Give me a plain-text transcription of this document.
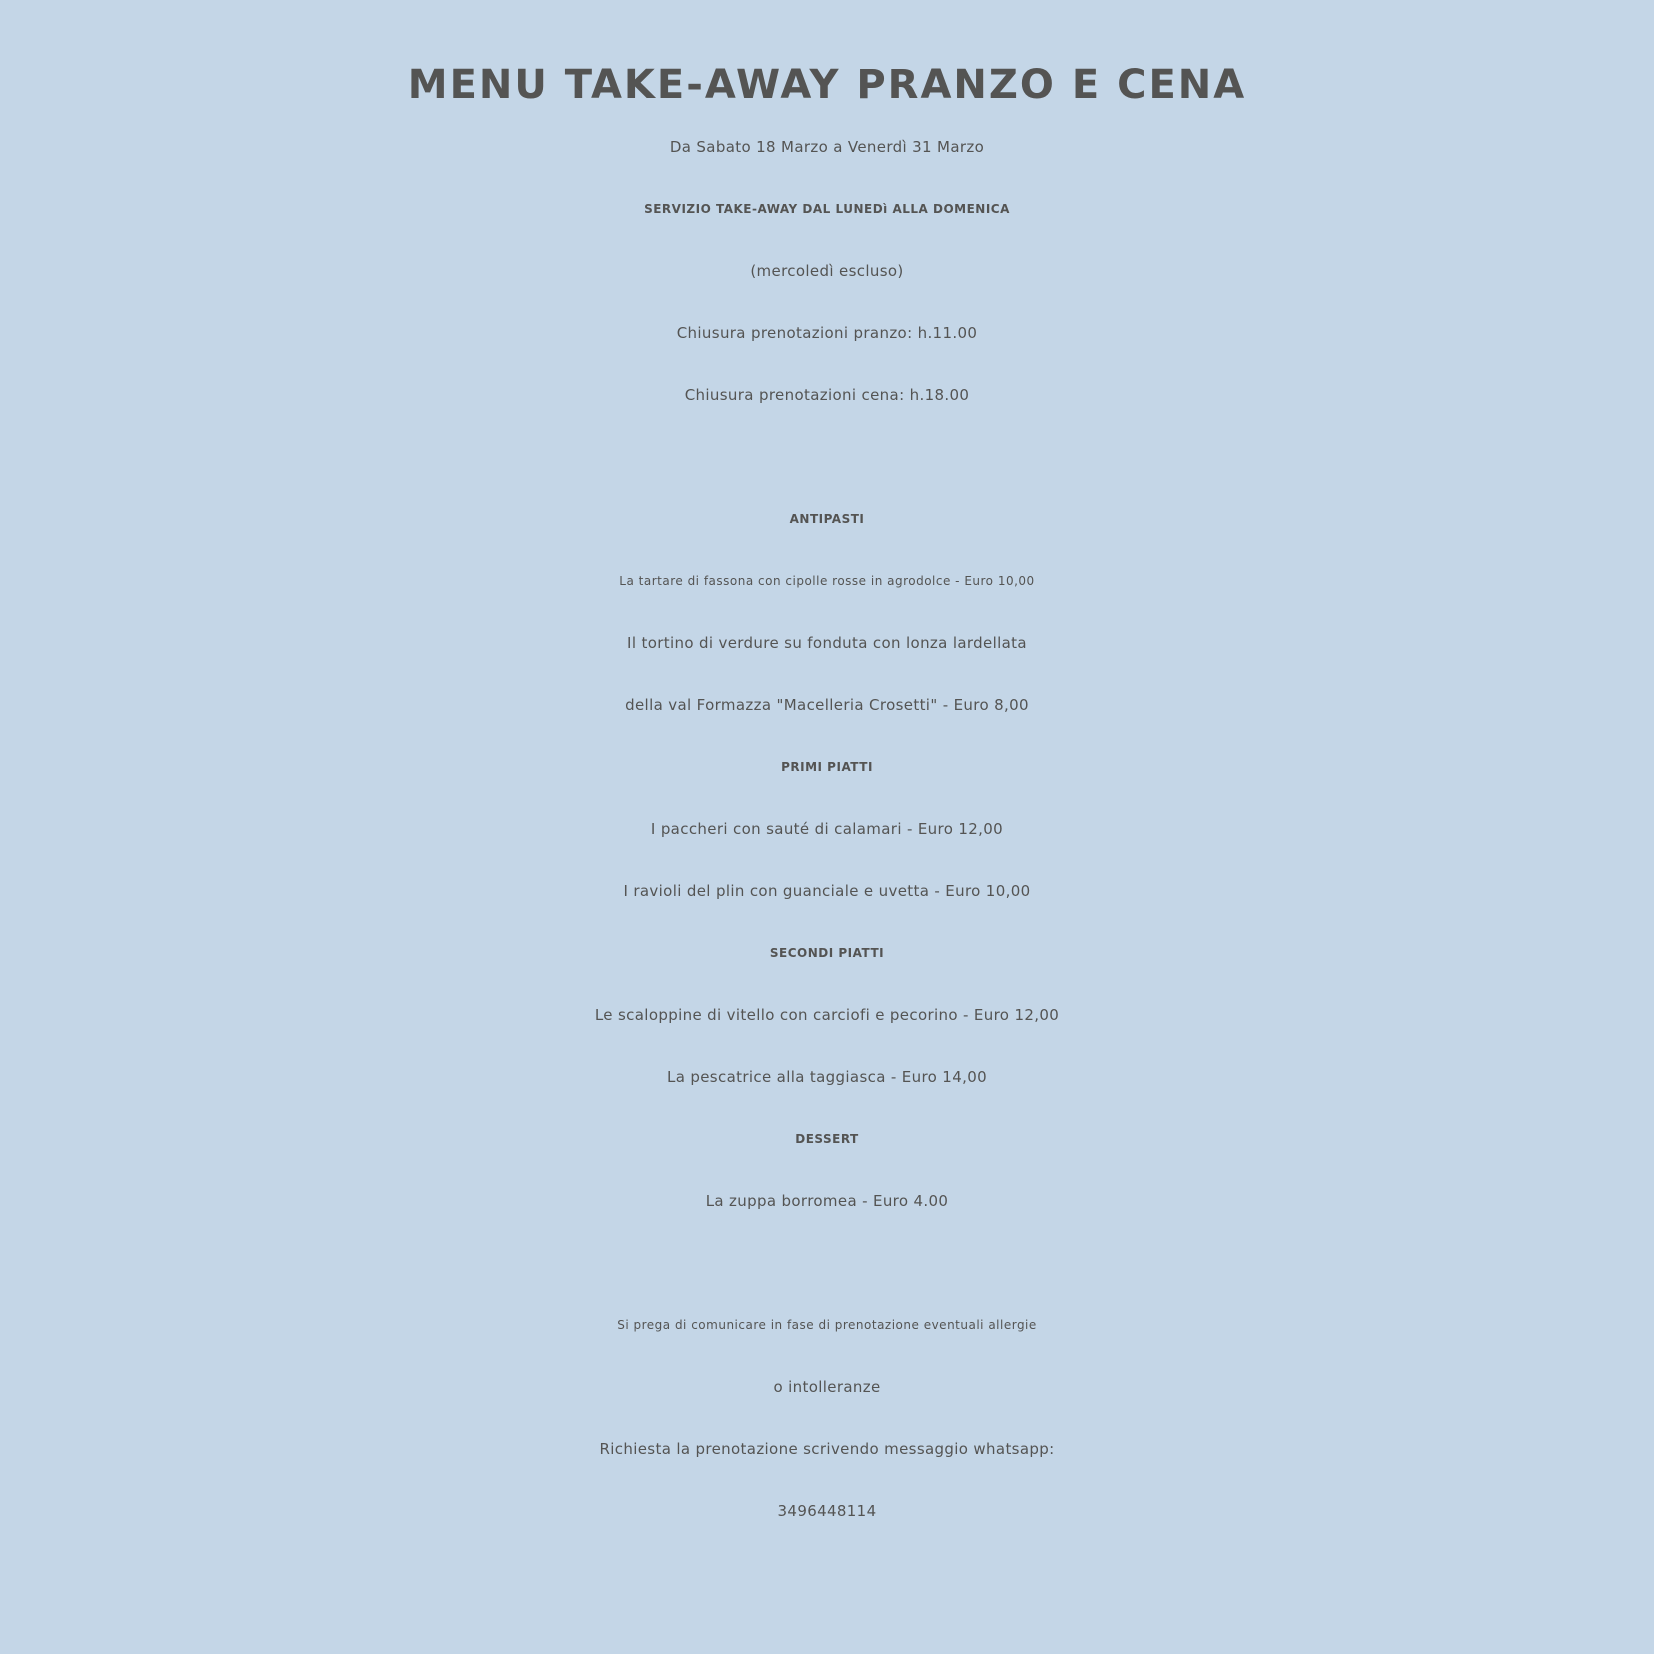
MENU TAKE-AWAY PRANZO E CENA
Da Sabato 18 Marzo a Venerdì 31 Marzo
SERVIZIO TAKE-AWAY DAL LUNEDì ALLA DOMENICA
(mercoledì escluso)
Chiusura prenotazioni pranzo: h.11.00
Chiusura prenotazioni cena: h.18.00
ANTIPASTI
La tartare di fassona con cipolle rosse in agrodolce - Euro 10,00
Il tortino di verdure su fonduta con lonza lardellata
della val Formazza "Macelleria Crosetti" - Euro 8,00
PRIMI PIATTI
I paccheri con sauté di calamari - Euro 12,00
I ravioli del plin con guanciale e uvetta - Euro 10,00
SECONDI PIATTI
Le scaloppine di vitello con carciofi e pecorino - Euro 12,00
La pescatrice alla taggiasca - Euro 14,00
DESSERT
La zuppa borromea - Euro 4.00
Si prega di comunicare in fase di prenotazione eventuali allergie
o intolleranze
Richiesta la prenotazione scrivendo messaggio whatsapp:
3496448114
